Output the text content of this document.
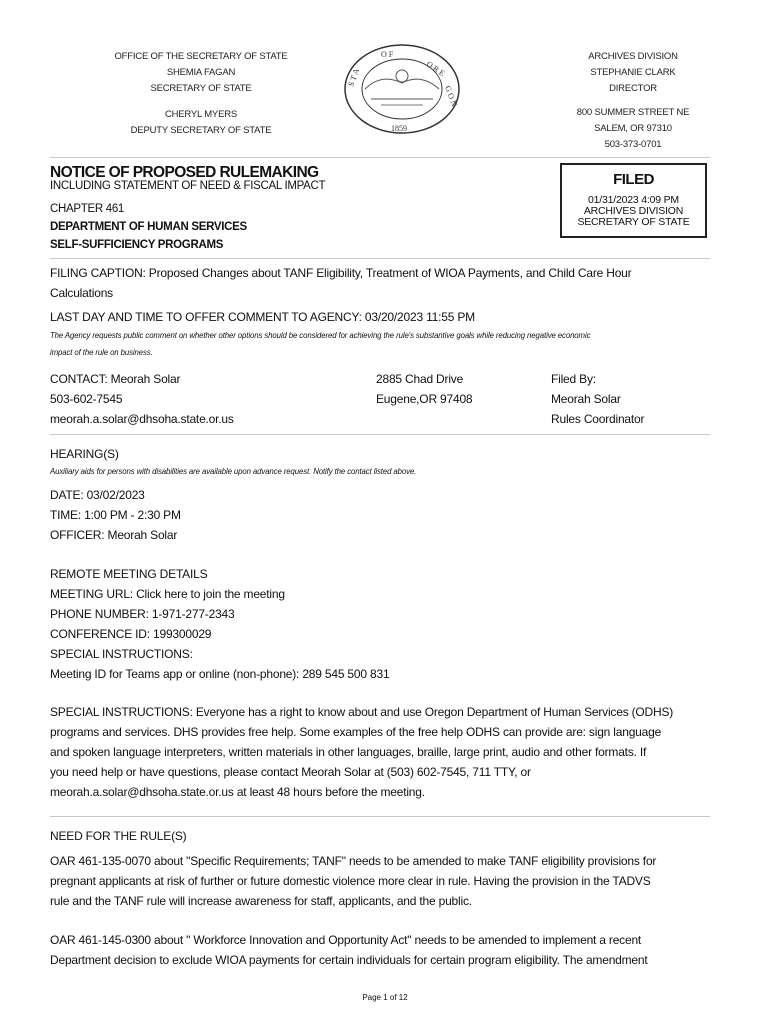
OFFICE OF THE SECRETARY OF STATE
SHEMIA FAGAN
SECRETARY OF STATE
CHERYL MYERS
DEPUTY SECRETARY OF STATE
O F
O R E
S T A
G O N
1859
ARCHIVES DIVISION
STEPHANIE CLARK
DIRECTOR
800 SUMMER STREET NE
SALEM, OR 97310
503-373-0701
NOTICE OF PROPOSED RULEMAKING
INCLUDING STATEMENT OF NEED & FISCAL IMPACT
CHAPTER 461
DEPARTMENT OF HUMAN SERVICES
SELF-SUFFICIENCY PROGRAMS
FILED
01/31/2023 4:09 PM
ARCHIVES DIVISION
SECRETARY OF STATE
FILING CAPTION: Proposed Changes about TANF Eligibility, Treatment of WIOA Payments, and Child Care Hour
Calculations
LAST DAY AND TIME TO OFFER COMMENT TO AGENCY: 03/20/2023 11:55 PM
The Agency requests public comment on whether other options should be considered for achieving the rule's substantive goals while reducing negative economic
impact of the rule on business.
CONTACT: Meorah Solar
503-602-7545
meorah.a.solar@dhsoha.state.or.us
2885 Chad Drive
Eugene,OR 97408
Filed By:
Meorah Solar
Rules Coordinator
HEARING(S)
Auxiliary aids for persons with disabilities are available upon advance request. Notify the contact listed above.
DATE: 03/02/2023
TIME: 1:00 PM - 2:30 PM
OFFICER: Meorah Solar
REMOTE MEETING DETAILS
MEETING URL: Click here to join the meeting
PHONE NUMBER: 1-971-277-2343
CONFERENCE ID: 199300029
SPECIAL INSTRUCTIONS:
Meeting ID for Teams app or online (non-phone): 289 545 500 831
SPECIAL INSTRUCTIONS: Everyone has a right to know about and use Oregon Department of Human Services (ODHS)
programs and services. DHS provides free help. Some examples of the free help ODHS can provide are: sign language
and spoken language interpreters, written materials in other languages, braille, large print, audio and other formats. If
you need help or have questions, please contact Meorah Solar at (503) 602-7545, 711 TTY, or
meorah.a.solar@dhsoha.state.or.us at least 48 hours before the meeting.
NEED FOR THE RULE(S)
OAR 461-135-0070 about "Specific Requirements; TANF" needs to be amended to make TANF eligibility provisions for
pregnant applicants at risk of further or future domestic violence more clear in rule. Having the provision in the TADVS
rule and the TANF rule will increase awareness for staff, applicants, and the public.
OAR 461-145-0300 about " Workforce Innovation and Opportunity Act" needs to be amended to implement a recent
Department decision to exclude WIOA payments for certain individuals for certain program eligibility. The amendment
Page 1 of 12
